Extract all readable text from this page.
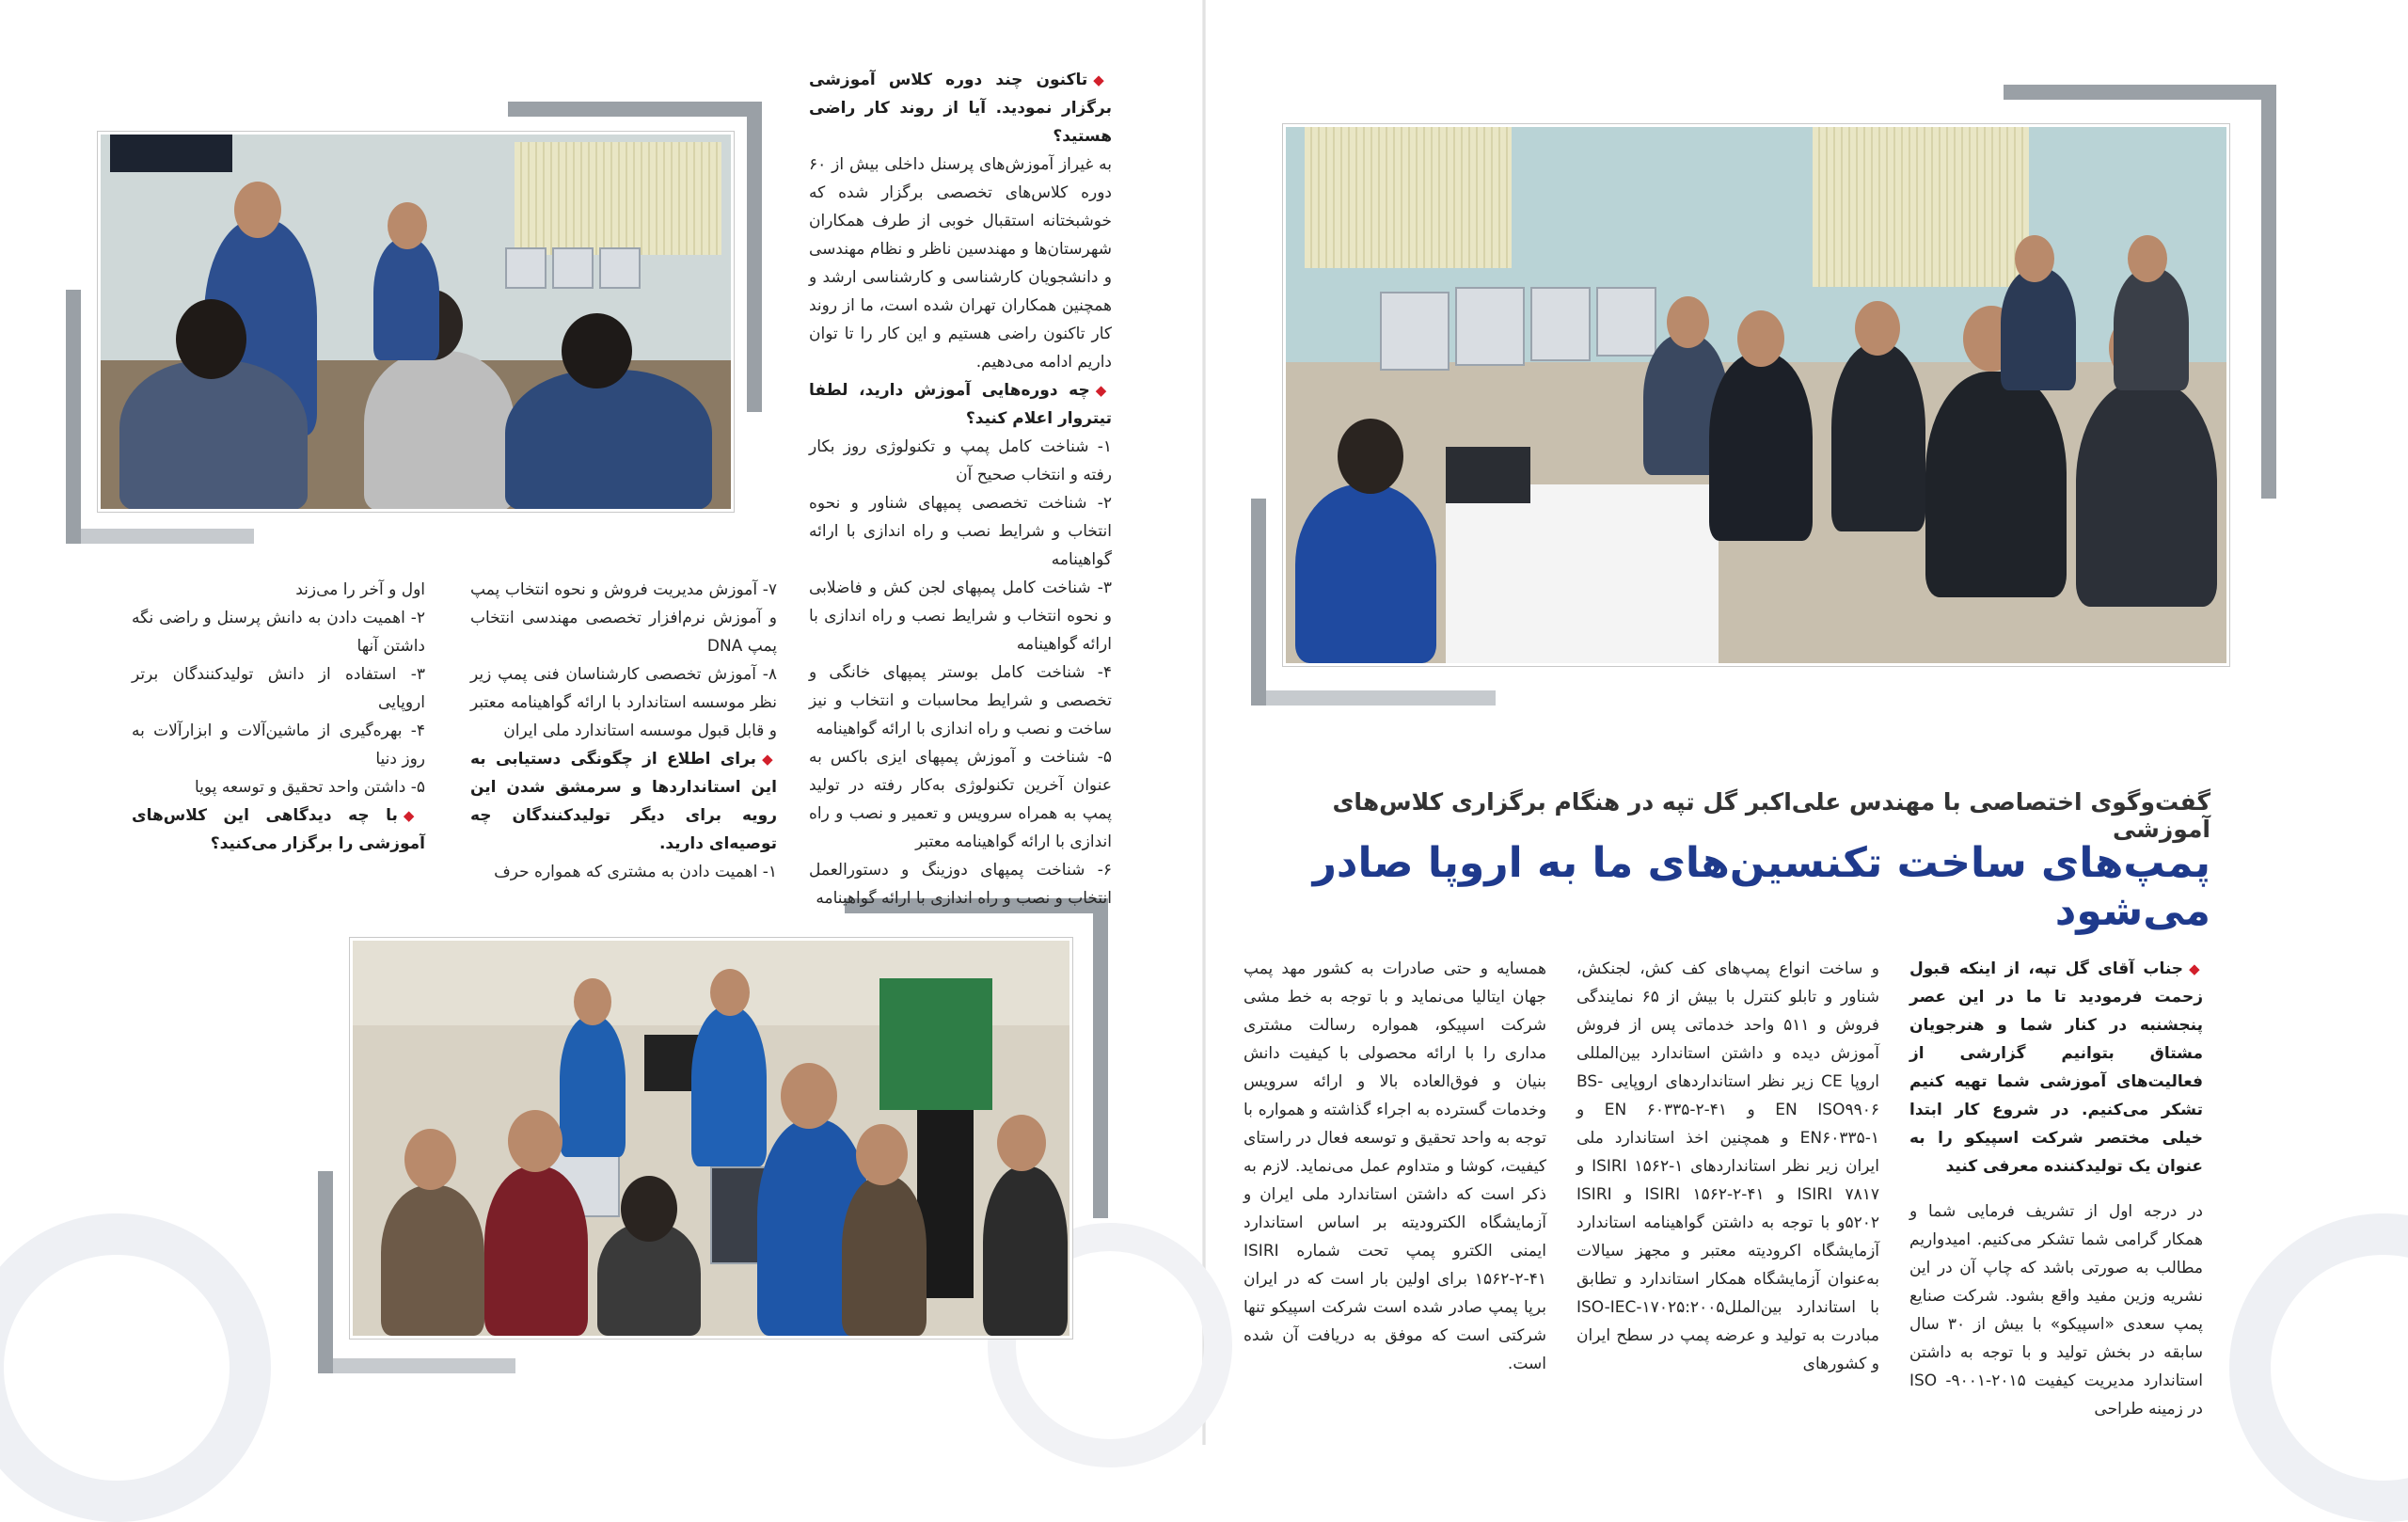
گفت‌وگوی اختصاصی با مهندس علی‌اکبر گل تپه در هنگام برگزاری کلاس‌های آموزشی
پمپ‌های ساخت تکنسین‌های ما به اروپا صادر می‌شود

◆جناب آقای گل تپه، از اینکه قبول زحمت فرمودید تا ما در این عصر پنجشنبه در کنار شما و هنرجویان مشتاق بتوانیم گزارشی از فعالیت‌های آموزشی شما تهیه کنیم تشکر می‌کنیم. در شروع کار ابتدا خیلی مختصر شرکت اسپیکو را به عنوان یک تولیدکننده معرفی کنید

در درجه اول از تشریف فرمایی شما و همکار گرامی شما تشکر می‌کنیم. امیدواریم مطالب به صورتی باشد که چاپ آن در این نشریه وزین مفید واقع بشود. شرکت صنایع پمپ سعدی «اسپیکو» با بیش از ۳۰ سال سابقه در بخش تولید و با توجه به داشتن استاندارد مدیریت کیفیت ISO -۹۰۰۱-۲۰۱۵ در زمینه طراحی

و ساخت انواع پمپ‌های کف کش، لجنکش، شناور و تابلو کنترل با بیش از ۶۵ نمایندگی فروش و ۵۱۱ واحد خدماتی پس از فروش آموزش دیده و داشتن استاندارد بین‌المللی اروپا CE زیر نظر استانداردهای اروپایی BS-EN ISO۹۹۰۶ و EN ۶۰۳۳۵-۲-۴۱ و EN۶۰۳۳۵-۱ و همچنین اخذ استاندارد ملی ایران زیر نظر استانداردهای ISIRI ۱۵۶۲-۱ و ISIRI ۷۸۱۷ و ISIRI ۱۵۶۲-۲-۴۱ و ISIRI ۵۲۰۲و با توجه به داشتن گواهینامه استاندارد آزمایشگاه اکرودیته معتبر و مجهز سیالات به‌عنوان آزمایشگاه همکار استاندارد و تطابق با استاندارد بین‌المللISO-IEC-۱۷۰۲۵:۲۰۰۵ مبادرت به تولید و عرضه پمپ در سطح ایران و کشورهای

همسایه و حتی صادرات به کشور مهد پمپ جهان ایتالیا می‌نماید و با توجه به خط مشی شرکت اسپیکو، همواره رسالت مشتری مداری را با ارائه محصولی با کیفیت دانش بنیان و فوق‌العاده بالا و ارائه سرویس وخدمات گسترده به اجراء گذاشته و همواره با توجه به واحد تحقیق و توسعه فعال در راستای کیفیت، کوشا و متداوم عمل می‌نماید. لازم به ذکر است که داشتن استاندارد ملی ایران و آزمایشگاه الکترودیته بر اساس استاندارد ایمنی الکترو پمپ تحت شماره ISIRI ۱۵۶۲-۲-۴۱ برای اولین بار است که در ایران برپا پمپ صادر شده است شرکت اسپیکو تنها شرکتی است که موفق به دریافت آن شده است.

◆تاکنون چند دوره کلاس آموزشی برگزار نمودید. آیا از روند کار راضی هستید؟

به غیراز آموزش‌های پرسنل داخلی بیش از ۶۰ دوره کلاس‌های تخصصی برگزار شده که خوشبختانه استقبال خوبی از طرف همکاران شهرستان‌ها و مهندسین ناظر و نظام مهندسی و دانشجویان کارشناسی و کارشناسی ارشد و همچنین همکاران تهران شده است، ما از روند کار تاکنون راضی هستیم و این کار را تا توان داریم ادامه می‌دهیم.

◆چه دوره‌هایی آموزش دارید، لطفا تیتروار اعلام کنید؟

۱- شناخت کامل پمپ و تکنولوژی روز بکار رفته و انتخاب صحیح آن

۲- شناخت تخصصی پمپهای شناور و نحوه انتخاب و شرایط نصب و راه اندازی با ارائه گواهینامه

۳- شناخت کامل پمپهای لجن کش و فاضلابی و نحوه انتخاب و شرایط نصب و راه اندازی با ارائه گواهینامه

۴- شناخت کامل بوستر پمپهای خانگی و تخصصی و شرایط محاسبات و انتخاب و نیز ساخت و نصب و راه اندازی با ارائه گواهینامه

۵- شناخت و آموزش پمپهای ایزی باکس به عنوان آخرین تکنولوژی به‌کار رفته در تولید پمپ به همراه سرویس و تعمیر و نصب و راه اندازی با ارائه گواهینامه معتبر

۶- شناخت پمپهای دوزینگ و دستورالعمل انتخاب و نصب و راه اندازی با ارائه گواهینامه

۷- آموزش مدیریت فروش و نحوه انتخاب پمپ و آموزش نرم‌افزار تخصصی مهندسی انتخاب پمپ DNA

۸- آموزش تخصصی کارشناسان فنی پمپ زیر نظر موسسه استاندارد با ارائه گواهینامه معتبر و قابل قبول موسسه استاندارد ملی ایران

◆برای اطلاع از چگونگی دستیابی به این استانداردها و سرمشق شدن این رویه برای دیگر تولیدکنندگان چه توصیه‌ای دارید.

۱- اهمیت دادن به مشتری که همواره حرف

اول و آخر را می‌زند

۲- اهمیت دادن به دانش پرسنل و راضی نگه داشتن آنها

۳- استفاده از دانش تولیدکنندگان برتر اروپایی

۴- بهره‌گیری از ماشین‌آلات و ابزارآلات به روز دنیا

۵- داشتن واحد تحقیق و توسعه پویا

◆با چه دیدگاهی این کلاس‌های آموزشی را برگزار می‌کنید؟
